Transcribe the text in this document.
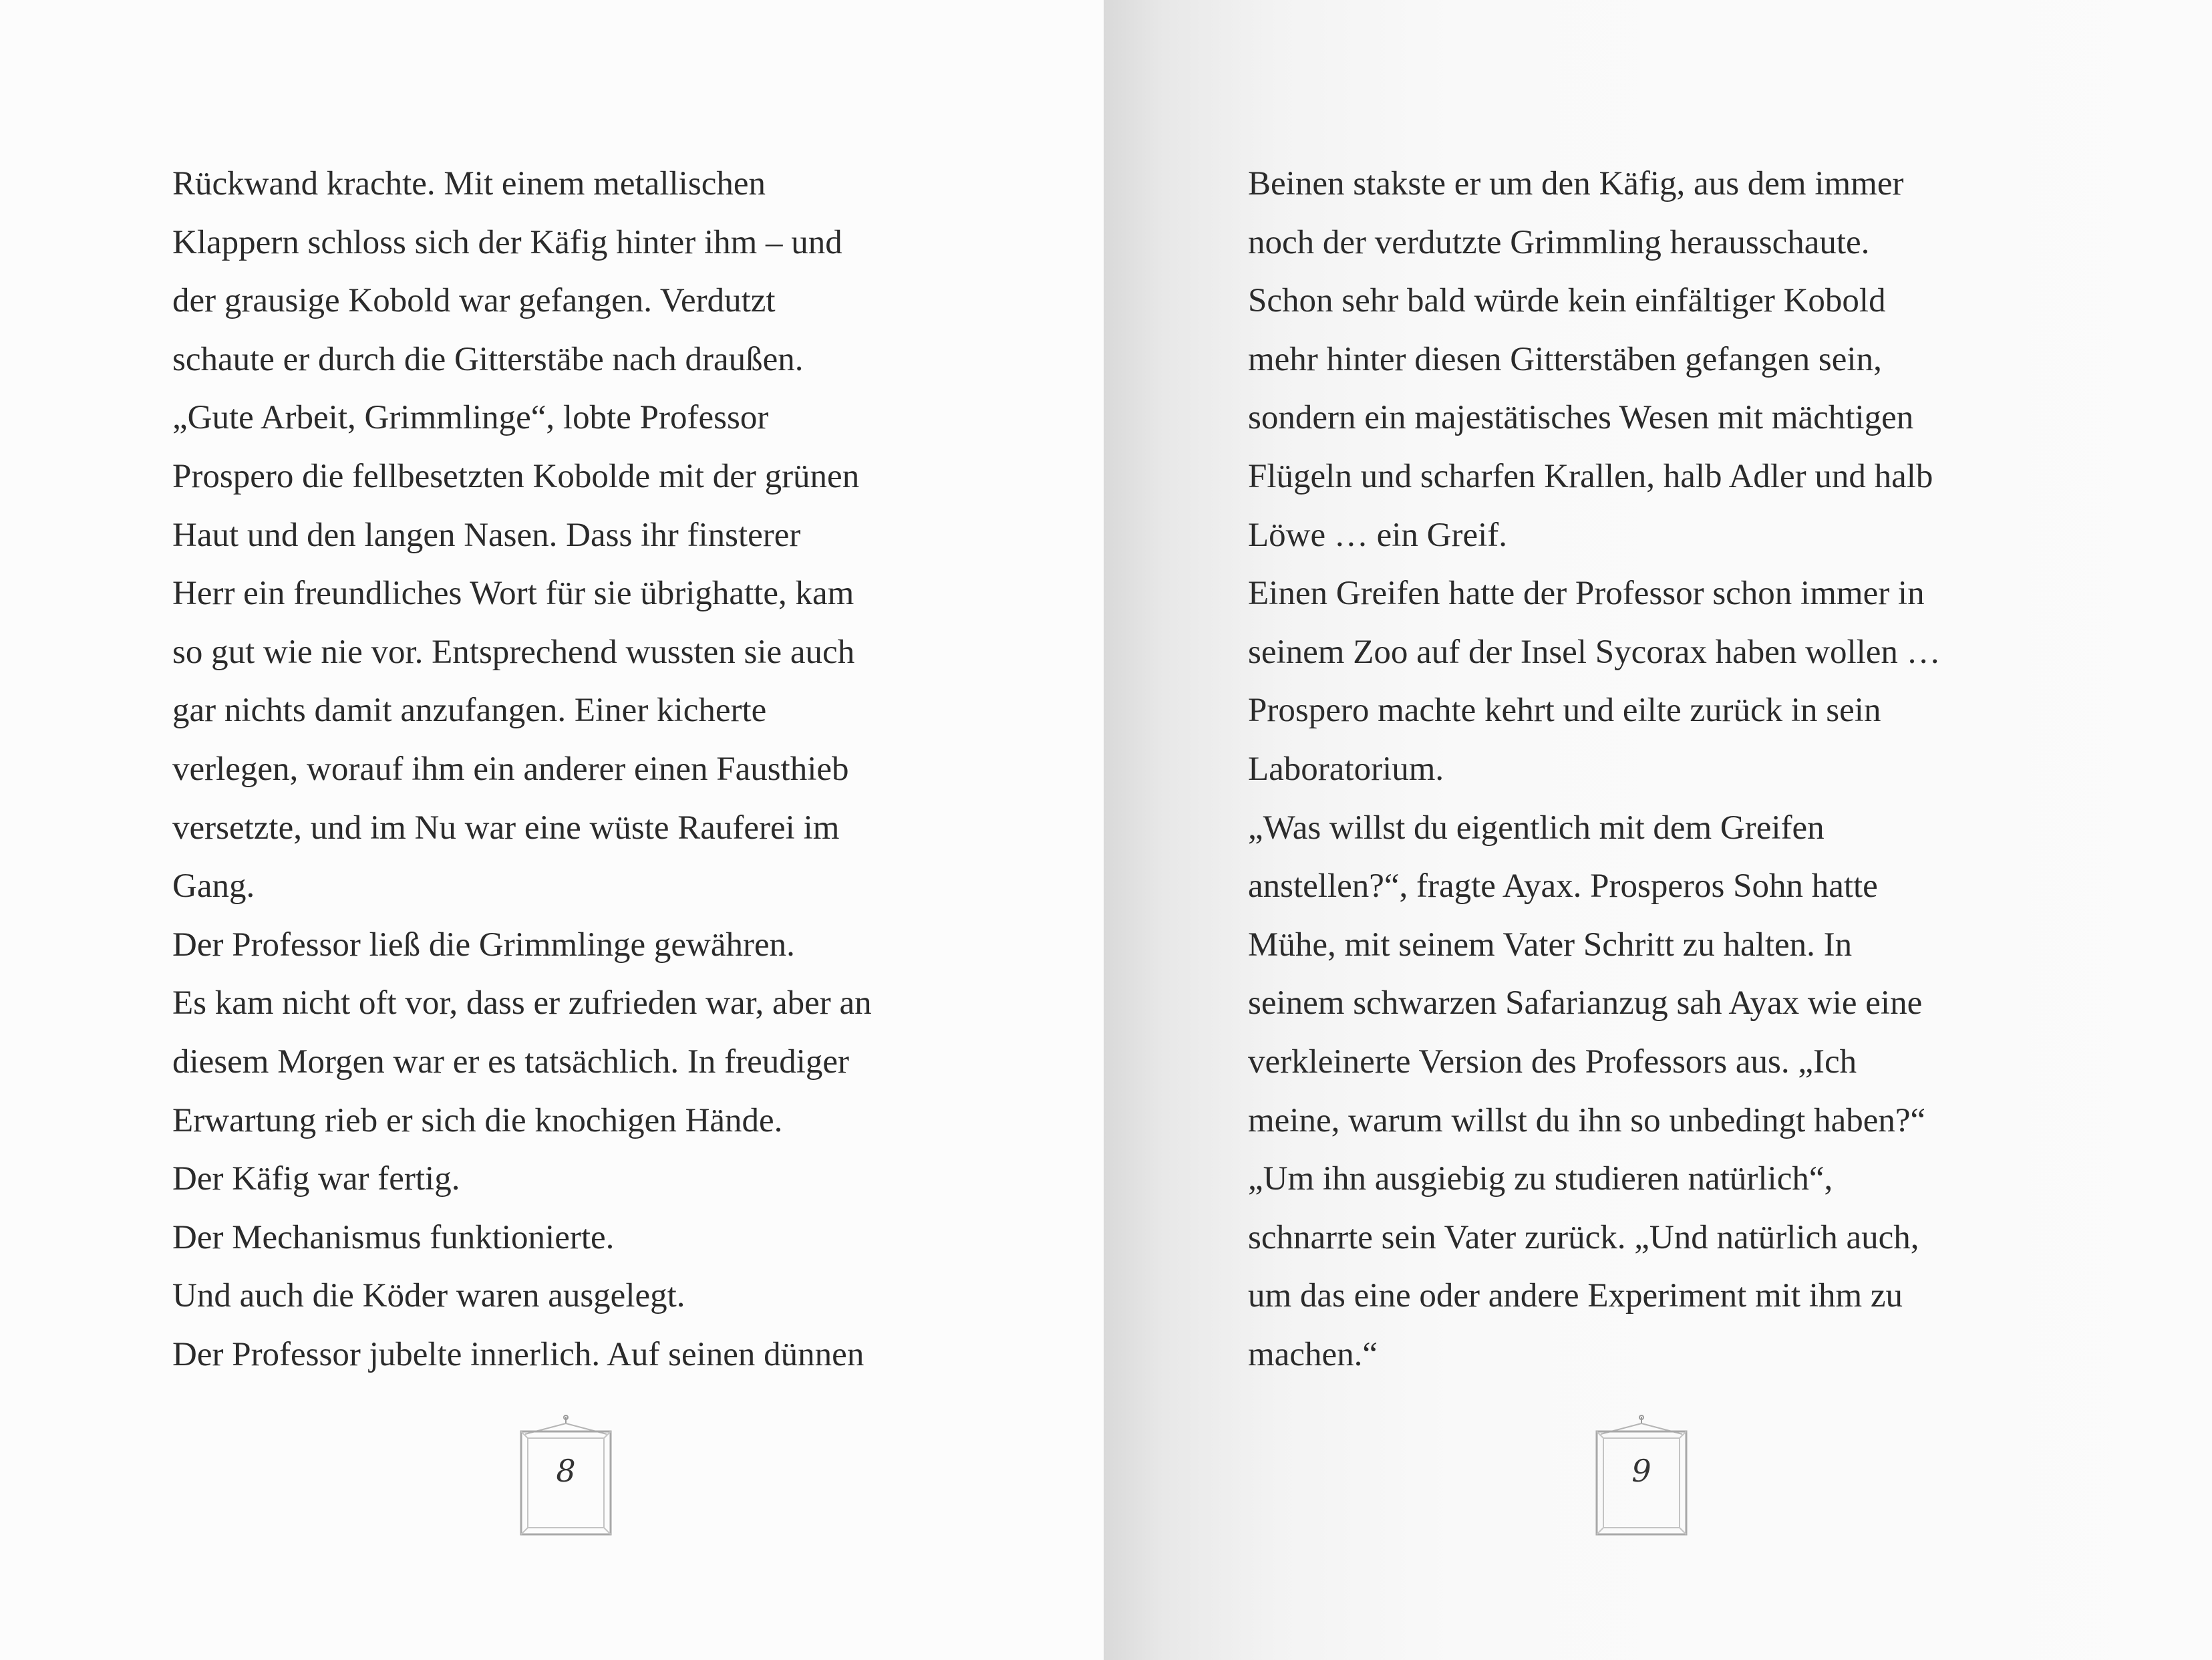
Rückwand krachte. Mit einem metallischen
Klappern schloss sich der Käfig hinter ihm – und
der grausige Kobold war gefangen. Verdutzt
schaute er durch die Gitterstäbe nach draußen.
„Gute Arbeit, Grimmlinge“, lobte Professor
Prospero die fellbesetzten Kobolde mit der grünen
Haut und den langen Nasen. Dass ihr finsterer
Herr ein freundliches Wort für sie übrighatte, kam
so gut wie nie vor. Entsprechend wussten sie auch
gar nichts damit anzufangen. Einer kicherte
verlegen, worauf ihm ein anderer einen Fausthieb
versetzte, und im Nu war eine wüste Rauferei im
Gang.
Der Professor ließ die Grimmlinge gewähren.
Es kam nicht oft vor, dass er zufrieden war, aber an
diesem Morgen war er es tatsächlich. In freudiger
Erwartung rieb er sich die knochigen Hände.
Der Käfig war fertig.
Der Mechanismus funktionierte.
Und auch die Köder waren ausgelegt.
Der Professor jubelte innerlich. Auf seinen dünnen
8
Beinen stakste er um den Käfig, aus dem immer
noch der verdutzte Grimmling herausschaute.
Schon sehr bald würde kein einfältiger Kobold
mehr hinter diesen Gitterstäben gefangen sein,
sondern ein majestätisches Wesen mit mächtigen
Flügeln und scharfen Krallen, halb Adler und halb
Löwe … ein Greif.
Einen Greifen hatte der Professor schon immer in
seinem Zoo auf der Insel Sycorax haben wollen …
Prospero machte kehrt und eilte zurück in sein
Laboratorium.
„Was willst du eigentlich mit dem Greifen
anstellen?“, fragte Ayax. Prosperos Sohn hatte
Mühe, mit seinem Vater Schritt zu halten. In
seinem schwarzen Safarianzug sah Ayax wie eine
verkleinerte Version des Professors aus. „Ich
meine, warum willst du ihn so unbedingt haben?“
„Um ihn ausgiebig zu studieren natürlich“,
schnarrte sein Vater zurück. „Und natürlich auch,
um das eine oder andere Experiment mit ihm zu
machen.“
9
